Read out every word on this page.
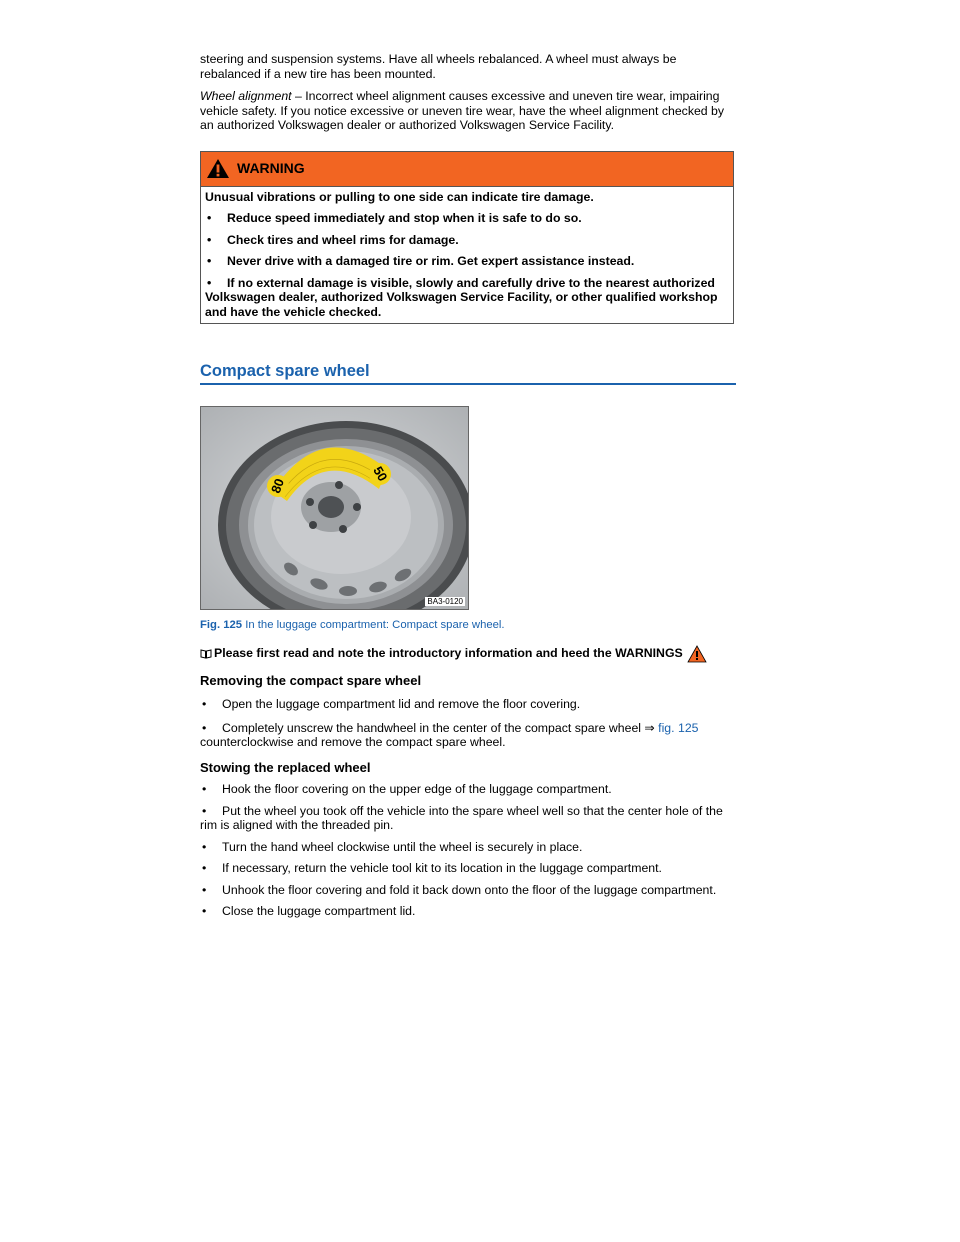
steering and suspension systems. Have all wheels rebalanced. A wheel must always be rebalanced if a new tire has been mounted.

Wheel alignment – Incorrect wheel alignment causes excessive and uneven tire wear, impairing vehicle safety. If you notice excessive or uneven tire wear, have the wheel alignment checked by an authorized Volkswagen dealer or authorized Volkswagen Service Facility.

WARNING

Unusual vibrations or pulling to one side can indicate tire damage.

• Reduce speed immediately and stop when it is safe to do so.
• Check tires and wheel rims for damage.
• Never drive with a damaged tire or rim. Get expert assistance instead.
• If no external damage is visible, slowly and carefully drive to the nearest authorized Volkswagen dealer, authorized Volkswagen Service Facility, or other qualified workshop and have the vehicle checked.
Compact spare wheel
80
50
BA3-0120
Fig. 125 In the luggage compartment: Compact spare wheel.
Please first read and note the introductory information and heed the WARNINGS
Removing the compact spare wheel
• Open the luggage compartment lid and remove the floor covering.
• Completely unscrew the handwheel in the center of the compact spare wheel ⇒ fig. 125 counterclockwise and remove the compact spare wheel.
Stowing the replaced wheel
• Hook the floor covering on the upper edge of the luggage compartment.
• Put the wheel you took off the vehicle into the spare wheel well so that the center hole of the rim is aligned with the threaded pin.
• Turn the hand wheel clockwise until the wheel is securely in place.
• If necessary, return the vehicle tool kit to its location in the luggage compartment.
• Unhook the floor covering and fold it back down onto the floor of the luggage compartment.
• Close the luggage compartment lid.
